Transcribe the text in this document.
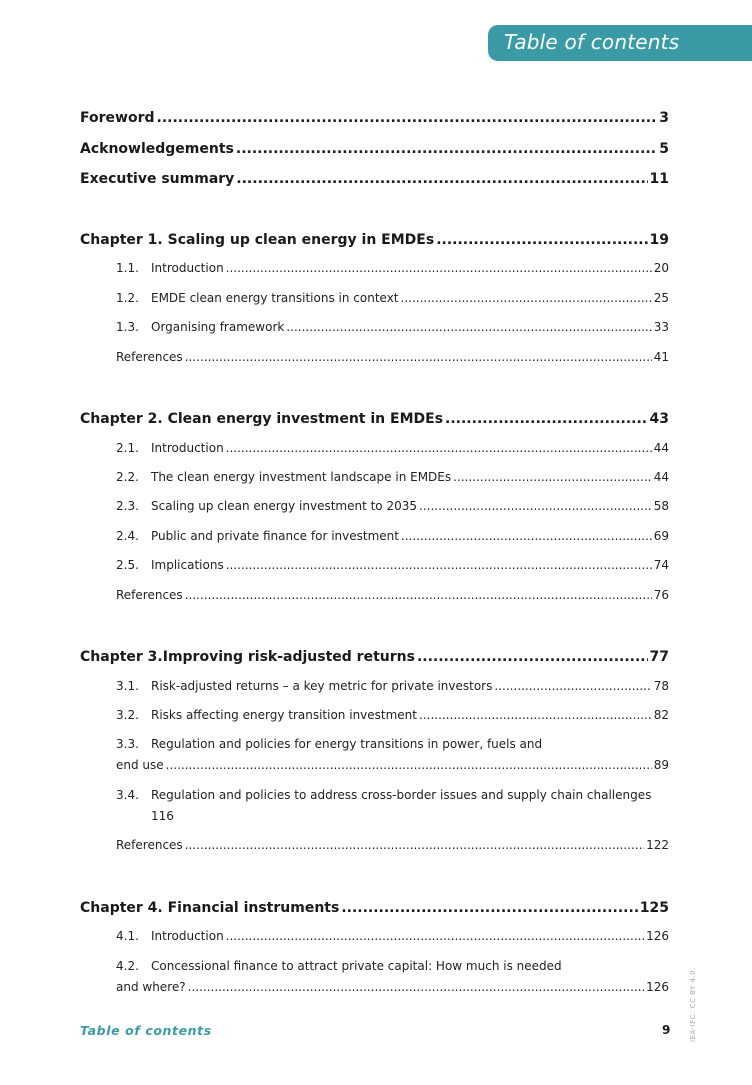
Table of contents
Foreword .....	3
Acknowledgements .....	5
Executive summary .....	11
Chapter 1. Scaling up clean energy in EMDEs .....	19
1.1.	Introduction .....	20
1.2.	EMDE clean energy transitions in context .....	25
1.3.	Organising framework .....	33
References .....	41
Chapter 2. Clean energy investment in EMDEs .....	43
2.1.	Introduction .....	44
2.2.	The clean energy investment landscape in EMDEs .....	44
2.3.	Scaling up clean energy investment to 2035 .....	58
2.4.	Public and private finance for investment .....	69
2.5.	Implications .....	74
References .....	76
Chapter 3.Improving risk-adjusted returns .....	77
3.1.	Risk-adjusted returns – a key metric for private investors .....	78
3.2.	Risks affecting energy transition investment .....	82
3.3. Regulation and policies for energy transitions in power, fuels and
end use .....	89
3.4. Regulation and policies to address cross-border issues and supply chain challenges
116
References .....	122
Chapter 4. Financial instruments .....	125
4.1.	Introduction .....	126
4.2. Concessional finance to attract private capital: How much is needed
and where? .....	126
Table of contents	9	IEA-IFC. CC BY 4.0.
